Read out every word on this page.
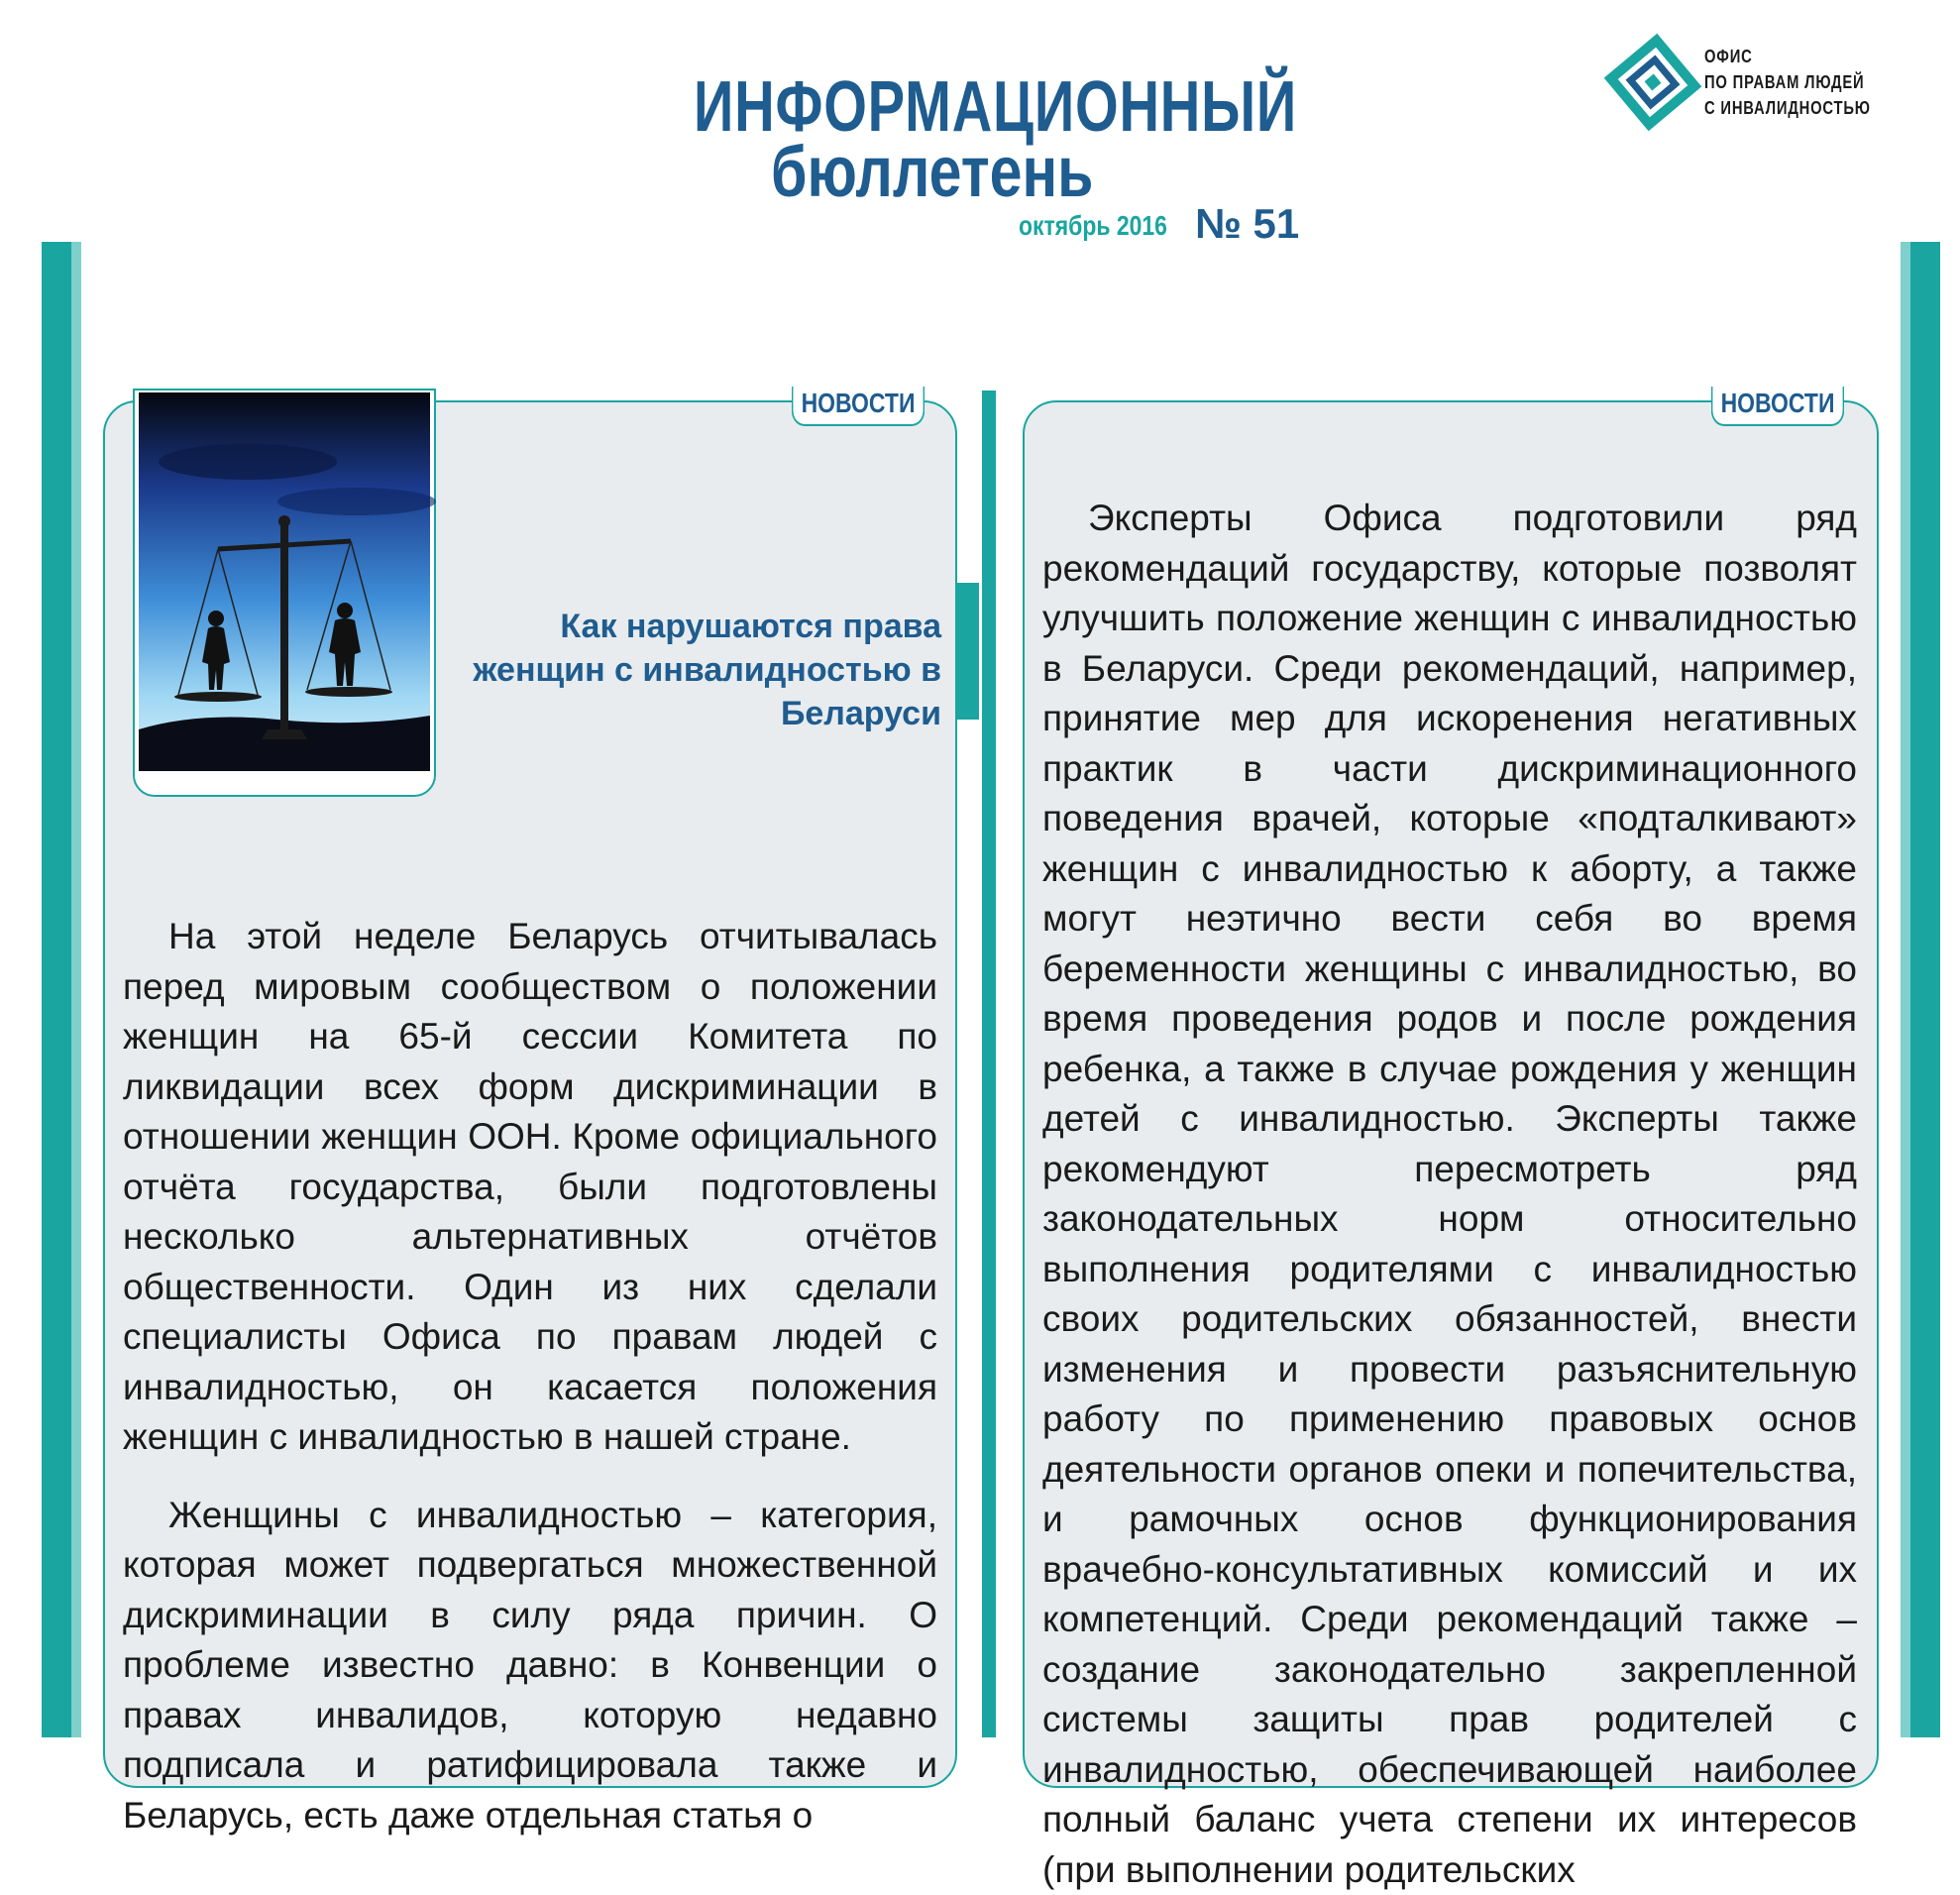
ИНФОРМАЦИОННЫЙ
бюллетень
октябрь 2016 № 51
ОФИС
ПО ПРАВАМ ЛЮДЕЙ
С ИНВАЛИДНОСТЬЮ
НОВОСТИ	НОВОСТИ
Как нарушаются права женщин с инвалидностью в Беларуси

На этой неделе Беларусь отчитывалась перед мировым сообществом о положении женщин на 65-й сессии Комитета по ликвидации всех форм дискриминации в отношении женщин ООН. Кроме официального отчёта государства, были подготовлены несколько альтернативных отчётов общественности. Один из них сделали специалисты Офиса по правам людей с инвалидностью, он касается положения женщин с инвалидностью в нашей стране.

Женщины с инвалидностью – категория, которая может подвергаться множественной дискриминации в силу ряда причин. О проблеме известно давно: в Конвенции о правах инвалидов, которую недавно подписала и ратифицировала также и Беларусь, есть даже отдельная статья о

Эксперты Офиса подготовили ряд рекомендаций государству, которые позволят улучшить положение женщин с инвалидностью в Беларуси. Среди рекомендаций, например, принятие мер для искоренения негативных практик в части дискриминационного поведения врачей, которые «подталкивают» женщин с инвалидностью к аборту, а также могут неэтично вести себя во время беременности женщины с инвалидностью, во время проведения родов и после рождения ребенка, а также в случае рождения у женщин детей с инвалидностью. Эксперты также рекомендуют пересмотреть ряд законодательных норм относительно выполнения родителями с инвалидностью своих родительских обязанностей, внести изменения и провести разъяснительную работу по применению правовых основ деятельности органов опеки и попечительства, и рамочных основ функционирования врачебно-консультативных комиссий и их компетенций. Среди рекомендаций также – создание законодательно закрепленной системы защиты прав родителей с инвалидностью, обеспечивающей наиболее полный баланс учета степени их интересов (при выполнении родительских
